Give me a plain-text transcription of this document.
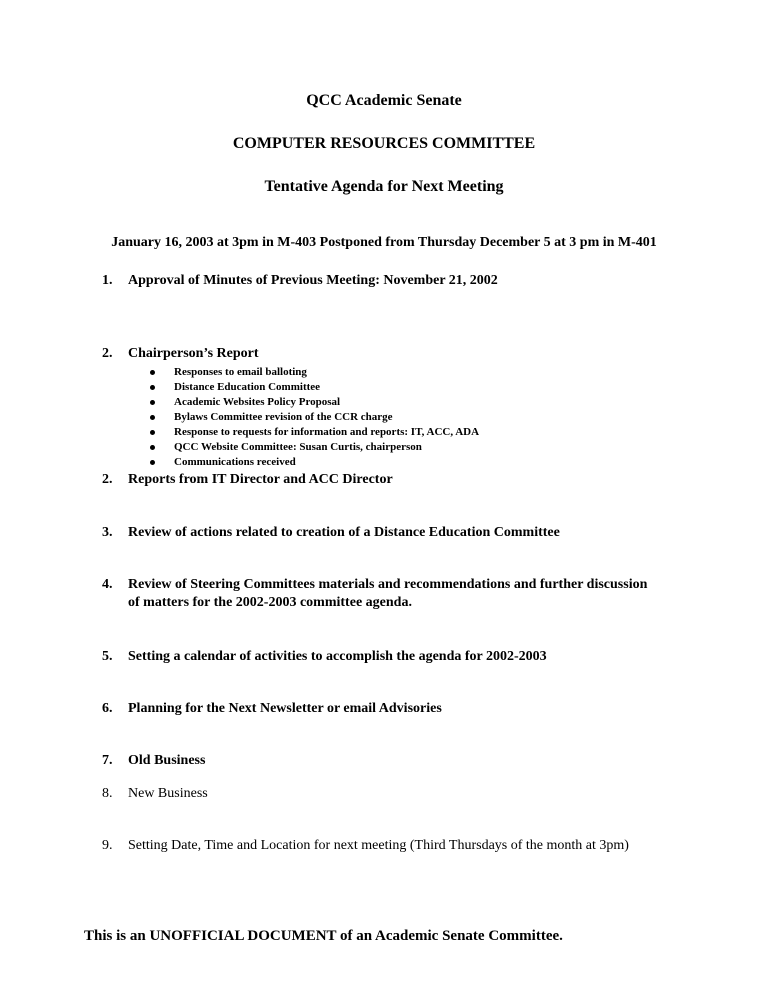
QCC Academic Senate
COMPUTER RESOURCES COMMITTEE
Tentative Agenda for Next Meeting
January 16, 2003 at 3pm in M-403 Postponed from Thursday December 5 at 3 pm in M-401
1.	Approval of Minutes of Previous Meeting: November 21, 2002
2.	Chairperson’s Report
Responses to email balloting
Distance Education Committee
Academic Websites Policy Proposal
Bylaws Committee revision of the CCR charge
Response to requests for information and reports: IT, ACC, ADA
QCC Website Committee: Susan Curtis, chairperson
Communications received
2.	Reports from IT Director and ACC Director
3.	Review of actions related to creation of a Distance Education Committee
4.	Review of Steering Committees materials and recommendations and further discussion of matters for the 2002-2003 committee agenda.
5.	Setting a calendar of activities to accomplish the agenda for 2002-2003
6.	Planning for the Next Newsletter or email Advisories
7.	Old Business
8.	New Business
9.	Setting Date, Time and Location for next meeting (Third Thursdays of the month at 3pm)
This is an UNOFFICIAL DOCUMENT of an Academic Senate Committee.
